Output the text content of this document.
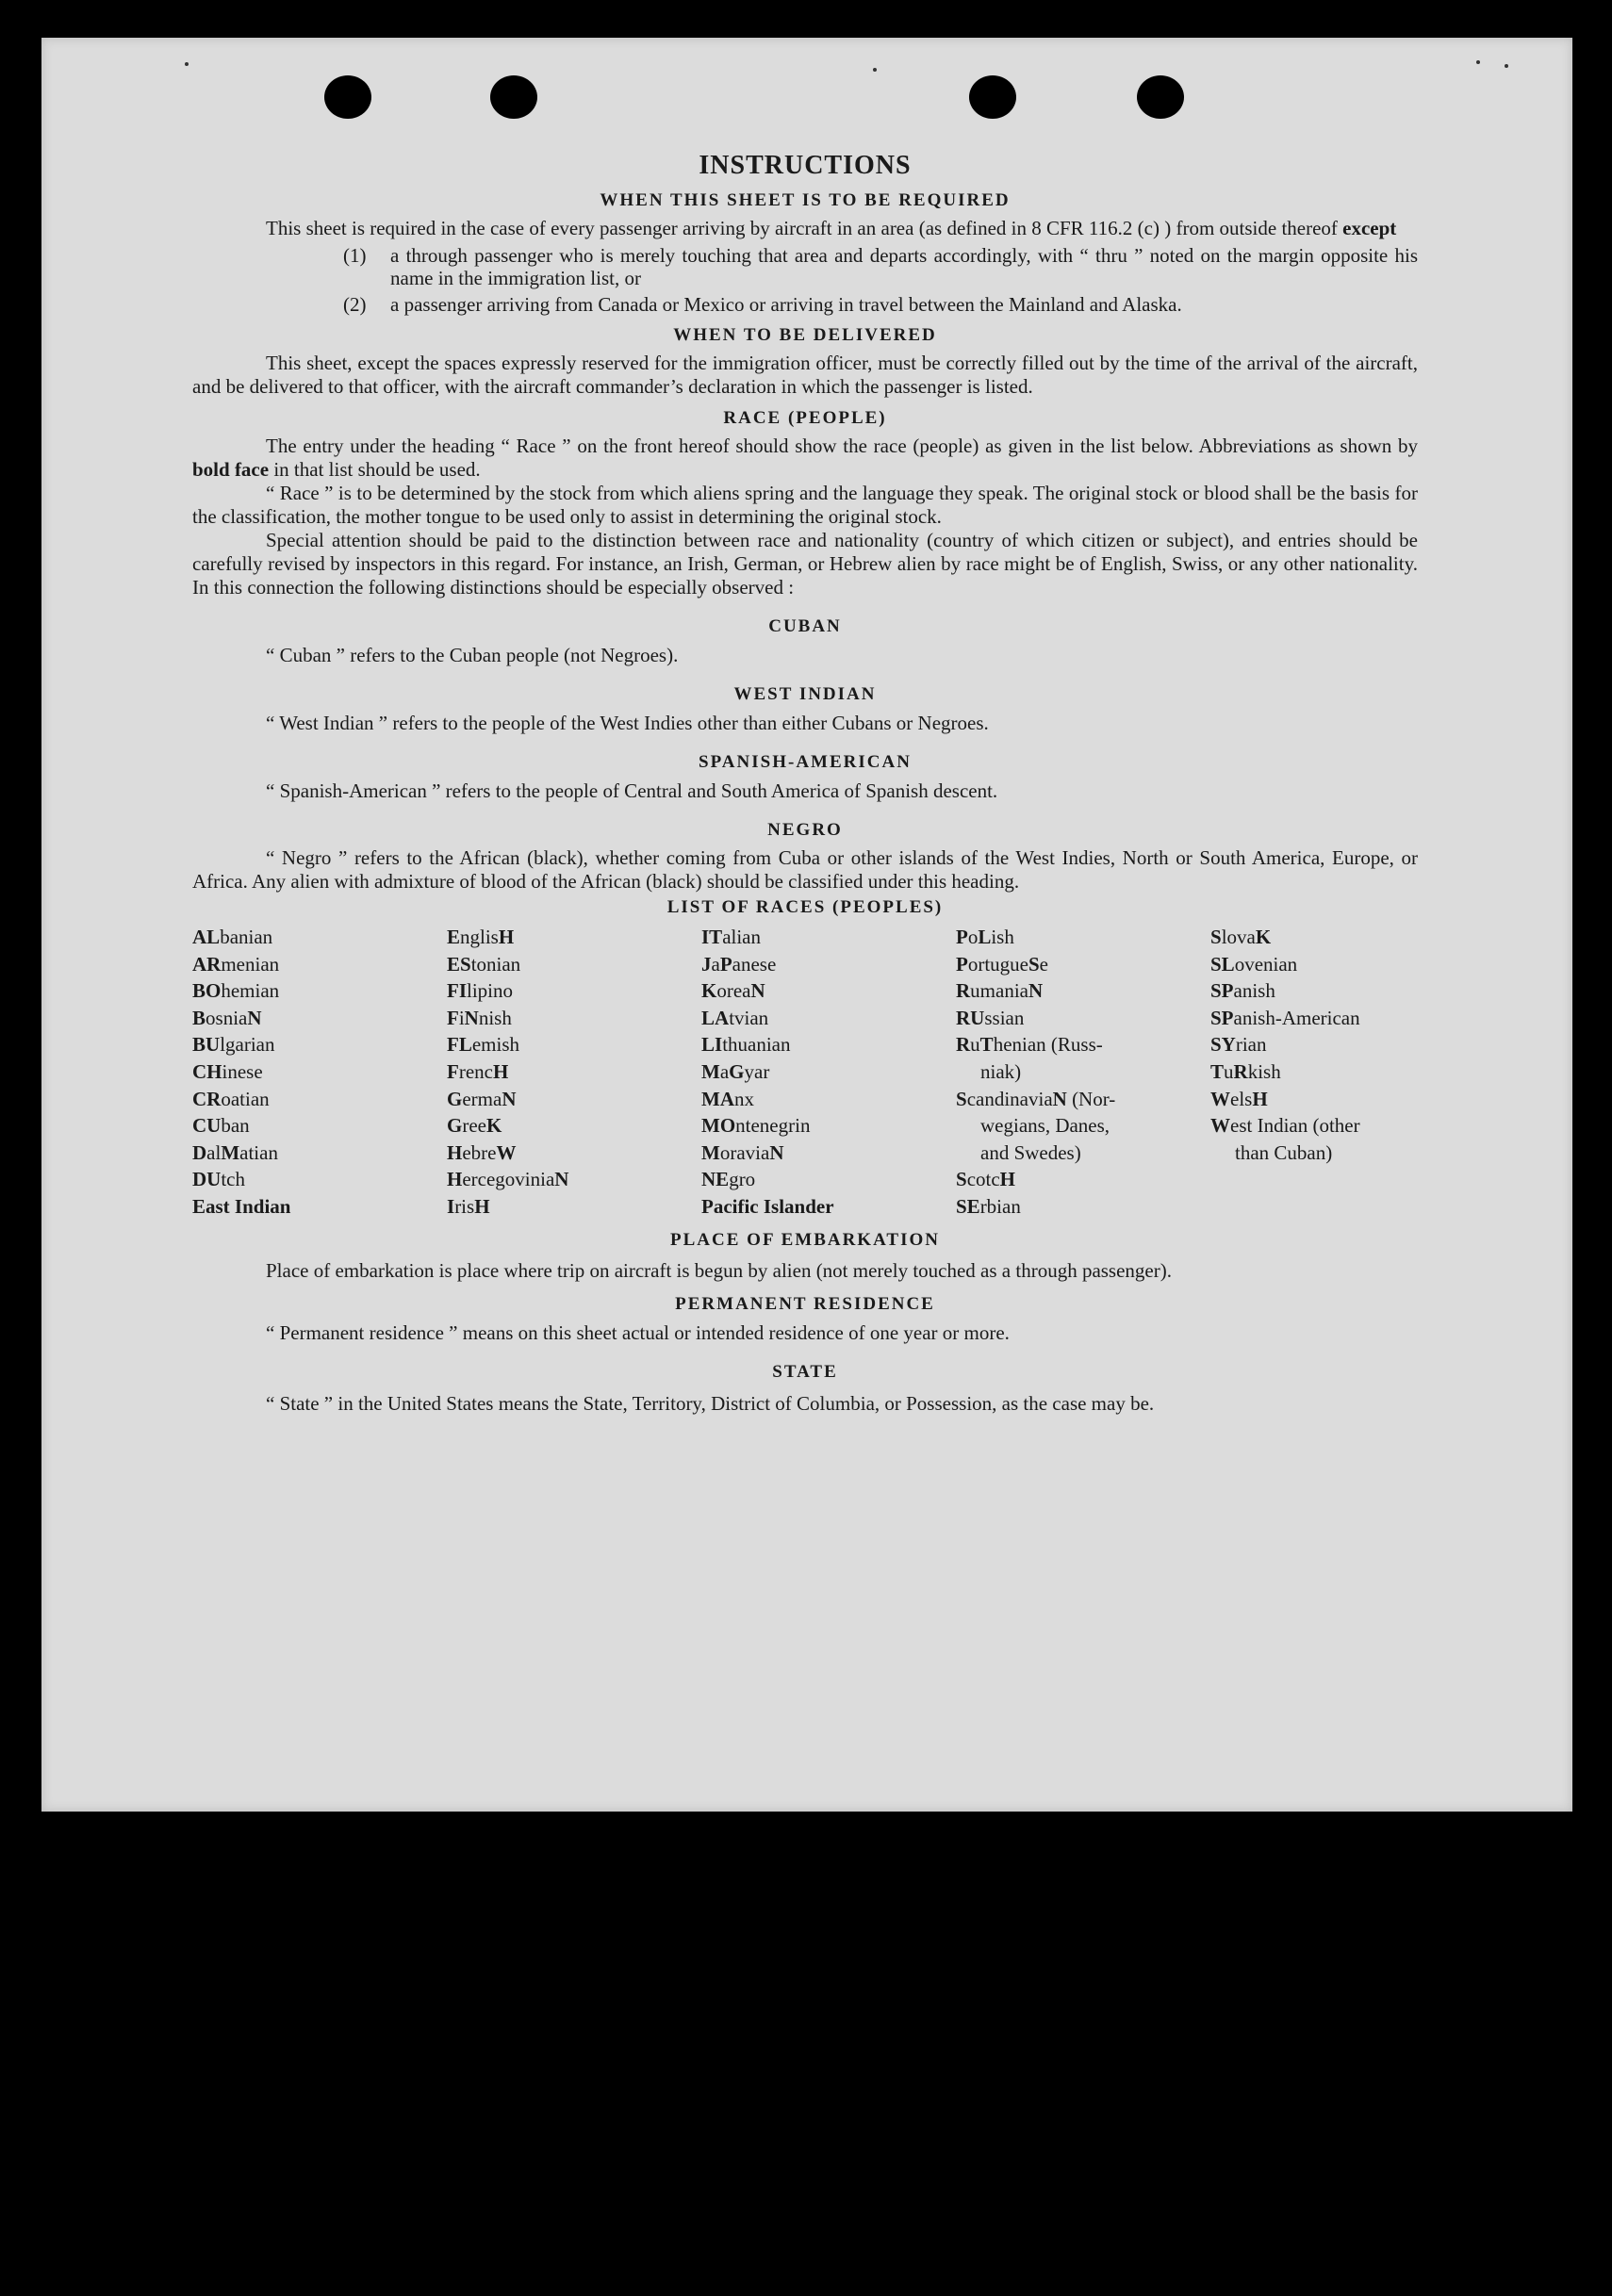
INSTRUCTIONS
WHEN THIS SHEET IS TO BE REQUIRED

This sheet is required in the case of every passenger arriving by aircraft in an area (as defined in 8 CFR 116.2 (c) ) from outside thereof except

(1)	a through passenger who is merely touching that area and departs accordingly, with “ thru ” noted on the margin opposite his name in the immigration list, or
(2)	a passenger arriving from Canada or Mexico or arriving in travel between the Mainland and Alaska.
WHEN TO BE DELIVERED

This sheet, except the spaces expressly reserved for the immigration officer, must be correctly filled out by the time of the arrival of the aircraft, and be delivered to that officer, with the aircraft commander’s declaration in which the passenger is listed.

RACE (PEOPLE)

The entry under the heading “ Race ” on the front hereof should show the race (people) as given in the list below. Abbreviations as shown by bold face in that list should be used.

“ Race ” is to be determined by the stock from which aliens spring and the language they speak. The original stock or blood shall be the basis for the classification, the mother tongue to be used only to assist in determining the original stock.

Special attention should be paid to the distinction between race and nationality (country of which citizen or subject), and entries should be carefully revised by inspectors in this regard. For instance, an Irish, German, or Hebrew alien by race might be of English, Swiss, or any other nationality. In this connection the following distinctions should be especially observed :

CUBAN
“ Cuban ” refers to the Cuban people (not Negroes).
WEST INDIAN
“ West Indian ” refers to the people of the West Indies other than either Cubans or Negroes.
SPANISH-AMERICAN
“ Spanish-American ” refers to the people of Central and South America of Spanish descent.
NEGRO

“ Negro ” refers to the African (black), whether coming from Cuba or other islands of the West Indies, North or South America, Europe, or Africa. Any alien with admixture of blood of the African (black) should be classified under this heading.

LIST OF RACES (PEOPLES)
ALbanian
ARmenian
BOhemian
BosniaN
BUlgarian
CHinese
CRoatian
CUban
DalMatian
DUtch
East Indian
EnglisH
EStonian
FIlipino
FiNnish
FLemish
FrencH
GermaN
GreeK
HebreW
HercegoviniaN
IrisH
ITalian
JaPanese
KoreaN
LAtvian
LIthuanian
MaGyar
MAnx
MOntenegrin
MoraviaN
NEgro
Pacific Islander
PoLish
PortugueSe
RumaniaN
RUssian
RuThenian (Russ-
niak)
ScandinaviaN (Nor-
wegians, Danes,
and Swedes)
ScotcH
SErbian
SlovaK
SLovenian
SPanish
SPanish-American
SYrian
TuRkish
WelsH
West Indian (other
than Cuban)
PLACE OF EMBARKATION

Place of embarkation is place where trip on aircraft is begun by alien (not merely touched as a through passenger).

PERMANENT RESIDENCE
“ Permanent residence ” means on this sheet actual or intended residence of one year or more.
STATE

“ State ” in the United States means the State, Territory, District of Columbia, or Possession, as the case may be.
